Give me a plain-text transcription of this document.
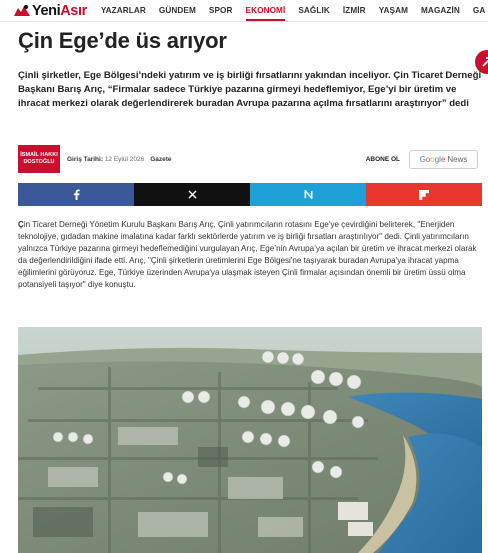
YeniAsır YAZARLAR GÜNDEM SPOR EKONOMİ SAĞLIK İZMİR YAŞAM MAGAZİN GA
Çin Ege’de üs arıyor

Çinli şirketler, Ege Bölgesi’ndeki yatırım ve iş birliği fırsatlarını yakından inceliyor. Çin Ticaret Derneği Başkanı Barış Arıç, “Firmalar sadece Türkiye pazarına girmeyi hedeflemiyor, Ege’yi bir üretim ve ihracat merkezi olarak değerlendirerek buradan Avrupa pazarına açılma fırsatlarını araştırıyor” dedi

İSMAİL HAKKI DOSTOĞLU	Giriş Tarihi: 12 Eylül 2026 Gazete	ABONE OL G o o g l e News

Çin Ticaret Derneği Yönetim Kurulu Başkanı Barış Arıç, Çinli yatırımcıların rotasını Ege’ye çevirdiğini belirterek, "Enerjiden teknolojiye, gıdadan makine imalatına kadar farklı sektörlerde yatırım ve iş birliği fırsatları araştırılıyor" dedi. Çinli yatırımcıların yalnızca Türkiye pazarına girmeyi hedeflemediğini vurgulayan Arıç, Ege’nin Avrupa’ya açılan bir üretim ve ihracat merkezi olarak da değerlendirildiğini ifade etti. Arıç, "Çinli şirketlerin üretimlerini Ege Bölgesi'ne taşıyarak buradan Avrupa'ya ihracat yapma eğilimlerini görüyoruz. Ege, Türkiye üzerinden Avrupa'ya ulaşmak isteyen Çinli firmalar açısından önemli bir üretim üssü olma potansiyeli taşıyor" diye konuştu.
